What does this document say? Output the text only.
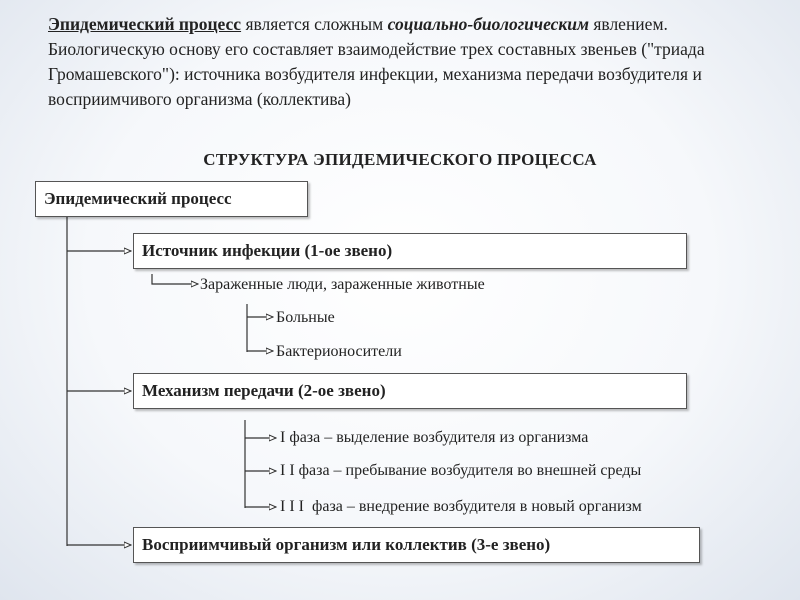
Эпидемический процесс является сложным социально-биологическим явлением. Биологическую основу его составляет взаимодействие трех составных звеньев ("триада Громашевского"): источника возбудителя инфекции, механизма передачи возбудителя и восприимчивого организма (коллектива)

СТРУКТУРА ЭПИДЕМИЧЕСКОГО ПРОЦЕССА
Эпидемический процесс
Источник инфекции (1-ое звено)
Зараженные люди, зараженные животные
Больные
Бактерионосители
Механизм передачи (2-ое звено)
I фаза – выделение возбудителя из организма
I I фаза – пребывание возбудителя во внешней среды
I I I  фаза – внедрение возбудителя в новый организм
Восприимчивый организм или коллектив (3-е звено)
